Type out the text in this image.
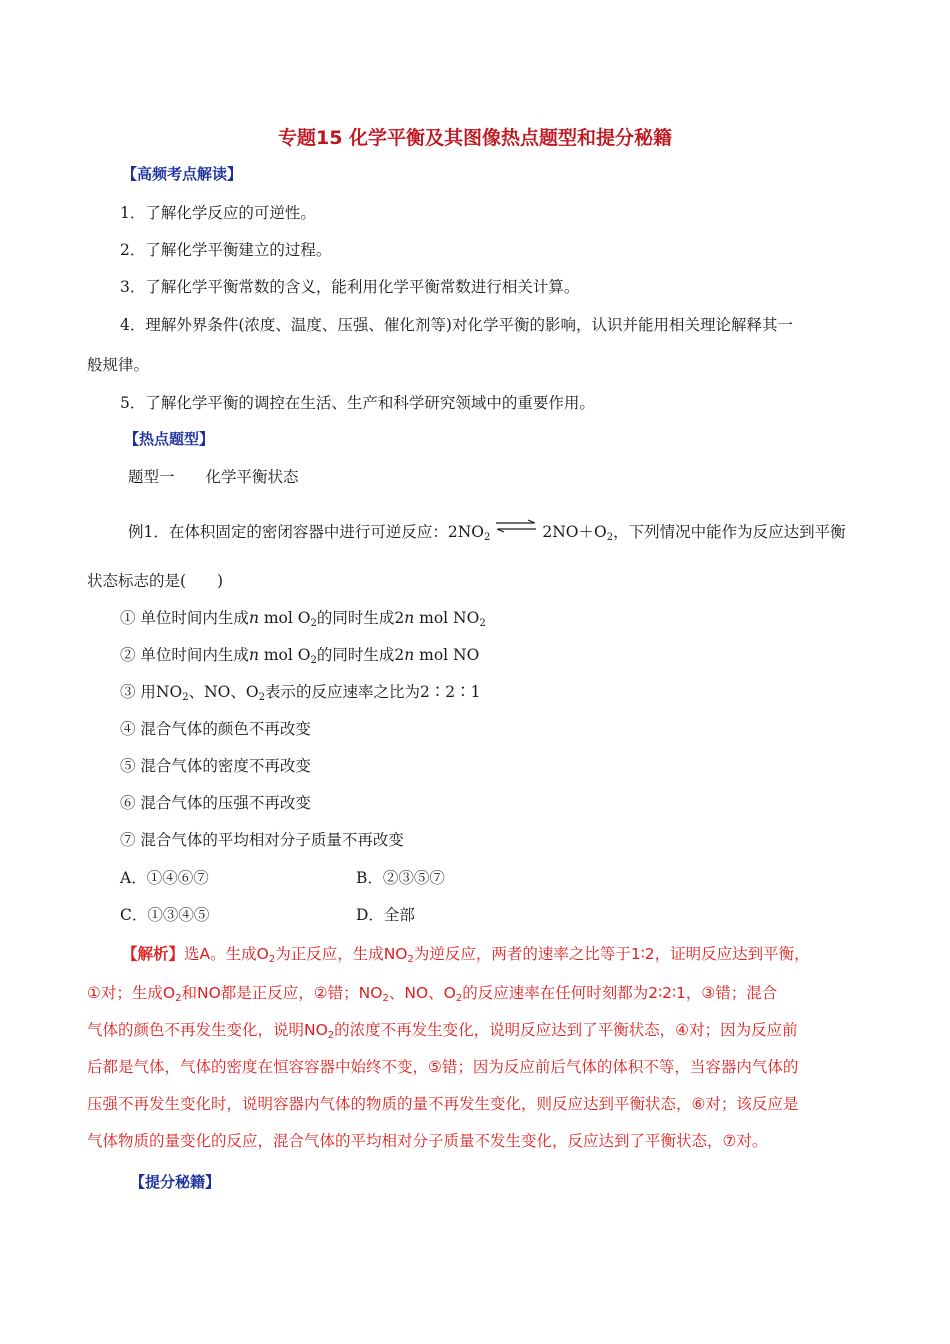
专题15 化学平衡及其图像热点题型和提分秘籍
【高频考点解读】
1．了解化学反应的可逆性。
2．了解化学平衡建立的过程。
3．了解化学平衡常数的含义，能利用化学平衡常数进行相关计算。
4．理解外界条件(浓度、温度、压强、催化剂等)对化学平衡的影响，认识并能用相关理论解释其一
般规律。
5．了解化学平衡的调控在生活、生产和科学研究领域中的重要作用。
【热点题型】
题型一　　化学平衡状态
例1．在体积固定的密闭容器中进行可逆反应：$2NO_2$ ⇌ $2NO+O_2$，下列情况中能作为反应达到平衡
状态标志的是(　　)
① 单位时间内生成n mol $O_2$的同时生成2n mol $NO_2$
② 单位时间内生成n mol $O_2$的同时生成2n mol NO
③ 用$NO_2$、NO、$O_2$表示的反应速率之比为2∶2∶1
④ 混合气体的颜色不再改变
⑤ 混合气体的密度不再改变
⑥ 混合气体的压强不再改变
⑦ 混合气体的平均相对分子质量不再改变
A．①④⑥⑦	B．②③⑤⑦
C．①③④⑤	D．全部
【解析】选A。生成$O_2$为正反应，生成$NO_2$为逆反应，两者的速率之比等于1∶2，证明反应达到平衡，
①对；生成$O_2$和NO都是正反应，②错；$NO_2$、NO、$O_2$的反应速率在任何时刻都为2∶2∶1，③错；混合
气体的颜色不再发生变化，说明$NO_2$的浓度不再发生变化，说明反应达到了平衡状态，④对；因为反应前
后都是气体，气体的密度在恒容容器中始终不变，⑤错；因为反应前后气体的体积不等，当容器内气体的
压强不再发生变化时，说明容器内气体的物质的量不再发生变化，则反应达到平衡状态，⑥对；该反应是
气体物质的量变化的反应，混合气体的平均相对分子质量不发生变化，反应达到了平衡状态，⑦对。
【提分秘籍】
